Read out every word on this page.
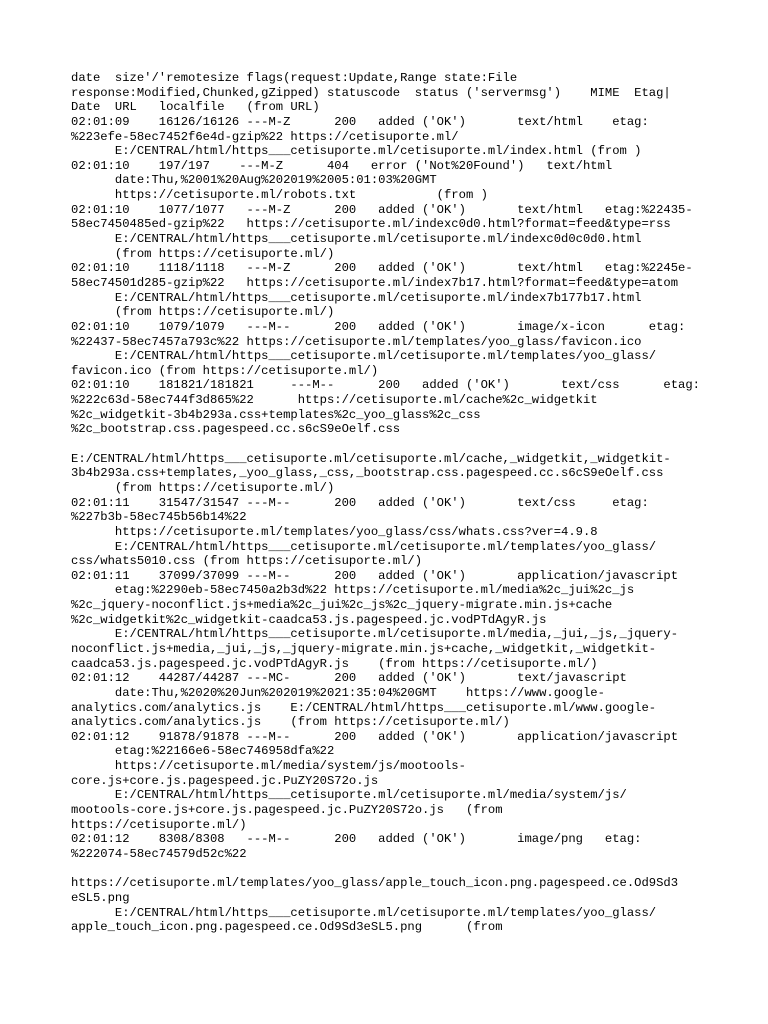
date  size'/'remotesize flags(request:Update,Range state:File
response:Modified,Chunked,gZipped) statuscode  status ('servermsg')    MIME  Etag|
Date  URL   localfile   (from URL)
02:01:09    16126/16126 ---M-Z      200   added ('OK')       text/html    etag:
%223efe-58ec7452f6e4d-gzip%22 https://cetisuporte.ml/
E:/CENTRAL/html/https___cetisuporte.ml/cetisuporte.ml/index.html (from )
02:01:10    197/197    ---M-Z      404   error ('Not%20Found')   text/html
date:Thu,%2001%20Aug%202019%2005:01:03%20GMT
https://cetisuporte.ml/robots.txt           (from )
02:01:10    1077/1077   ---M-Z      200   added ('OK')       text/html   etag:%22435-
58ec7450485ed-gzip%22   https://cetisuporte.ml/indexc0d0.html?format=feed&type=rss
E:/CENTRAL/html/https___cetisuporte.ml/cetisuporte.ml/indexc0d0c0d0.html
(from https://cetisuporte.ml/)
02:01:10    1118/1118   ---M-Z      200   added ('OK')       text/html   etag:%2245e-
58ec74501d285-gzip%22   https://cetisuporte.ml/index7b17.html?format=feed&type=atom
E:/CENTRAL/html/https___cetisuporte.ml/cetisuporte.ml/index7b177b17.html
(from https://cetisuporte.ml/)
02:01:10    1079/1079   ---M--      200   added ('OK')       image/x-icon      etag:
%22437-58ec7457a793c%22 https://cetisuporte.ml/templates/yoo_glass/favicon.ico
E:/CENTRAL/html/https___cetisuporte.ml/cetisuporte.ml/templates/yoo_glass/
favicon.ico (from https://cetisuporte.ml/)
02:01:10    181821/181821     ---M--      200   added ('OK')       text/css      etag:
%222c63d-58ec744f3d865%22      https://cetisuporte.ml/cache%2c_widgetkit
%2c_widgetkit-3b4b293a.css+templates%2c_yoo_glass%2c_css
%2c_bootstrap.css.pagespeed.cc.s6cS9eOelf.css
E:/CENTRAL/html/https___cetisuporte.ml/cetisuporte.ml/cache,_widgetkit,_widgetkit-
3b4b293a.css+templates,_yoo_glass,_css,_bootstrap.css.pagespeed.cc.s6cS9eOelf.css
(from https://cetisuporte.ml/)
02:01:11    31547/31547 ---M--      200   added ('OK')       text/css     etag:
%227b3b-58ec745b56b14%22
https://cetisuporte.ml/templates/yoo_glass/css/whats.css?ver=4.9.8
E:/CENTRAL/html/https___cetisuporte.ml/cetisuporte.ml/templates/yoo_glass/
css/whats5010.css (from https://cetisuporte.ml/)
02:01:11    37099/37099 ---M--      200   added ('OK')       application/javascript
etag:%2290eb-58ec7450a2b3d%22 https://cetisuporte.ml/media%2c_jui%2c_js
%2c_jquery-noconflict.js+media%2c_jui%2c_js%2c_jquery-migrate.min.js+cache
%2c_widgetkit%2c_widgetkit-caadca53.js.pagespeed.jc.vodPTdAgyR.js
E:/CENTRAL/html/https___cetisuporte.ml/cetisuporte.ml/media,_jui,_js,_jquery-
noconflict.js+media,_jui,_js,_jquery-migrate.min.js+cache,_widgetkit,_widgetkit-
caadca53.js.pagespeed.jc.vodPTdAgyR.js    (from https://cetisuporte.ml/)
02:01:12    44287/44287 ---MC-      200   added ('OK')       text/javascript
date:Thu,%2020%20Jun%202019%2021:35:04%20GMT    https://www.google-
analytics.com/analytics.js    E:/CENTRAL/html/https___cetisuporte.ml/www.google-
analytics.com/analytics.js    (from https://cetisuporte.ml/)
02:01:12    91878/91878 ---M--      200   added ('OK')       application/javascript
etag:%22166e6-58ec746958dfa%22
https://cetisuporte.ml/media/system/js/mootools-
core.js+core.js.pagespeed.jc.PuZY20S72o.js
E:/CENTRAL/html/https___cetisuporte.ml/cetisuporte.ml/media/system/js/
mootools-core.js+core.js.pagespeed.jc.PuZY20S72o.js   (from
https://cetisuporte.ml/)
02:01:12    8308/8308   ---M--      200   added ('OK')       image/png   etag:
%222074-58ec74579d52c%22
https://cetisuporte.ml/templates/yoo_glass/apple_touch_icon.png.pagespeed.ce.Od9Sd3
eSL5.png
E:/CENTRAL/html/https___cetisuporte.ml/cetisuporte.ml/templates/yoo_glass/
apple_touch_icon.png.pagespeed.ce.Od9Sd3eSL5.png      (from
